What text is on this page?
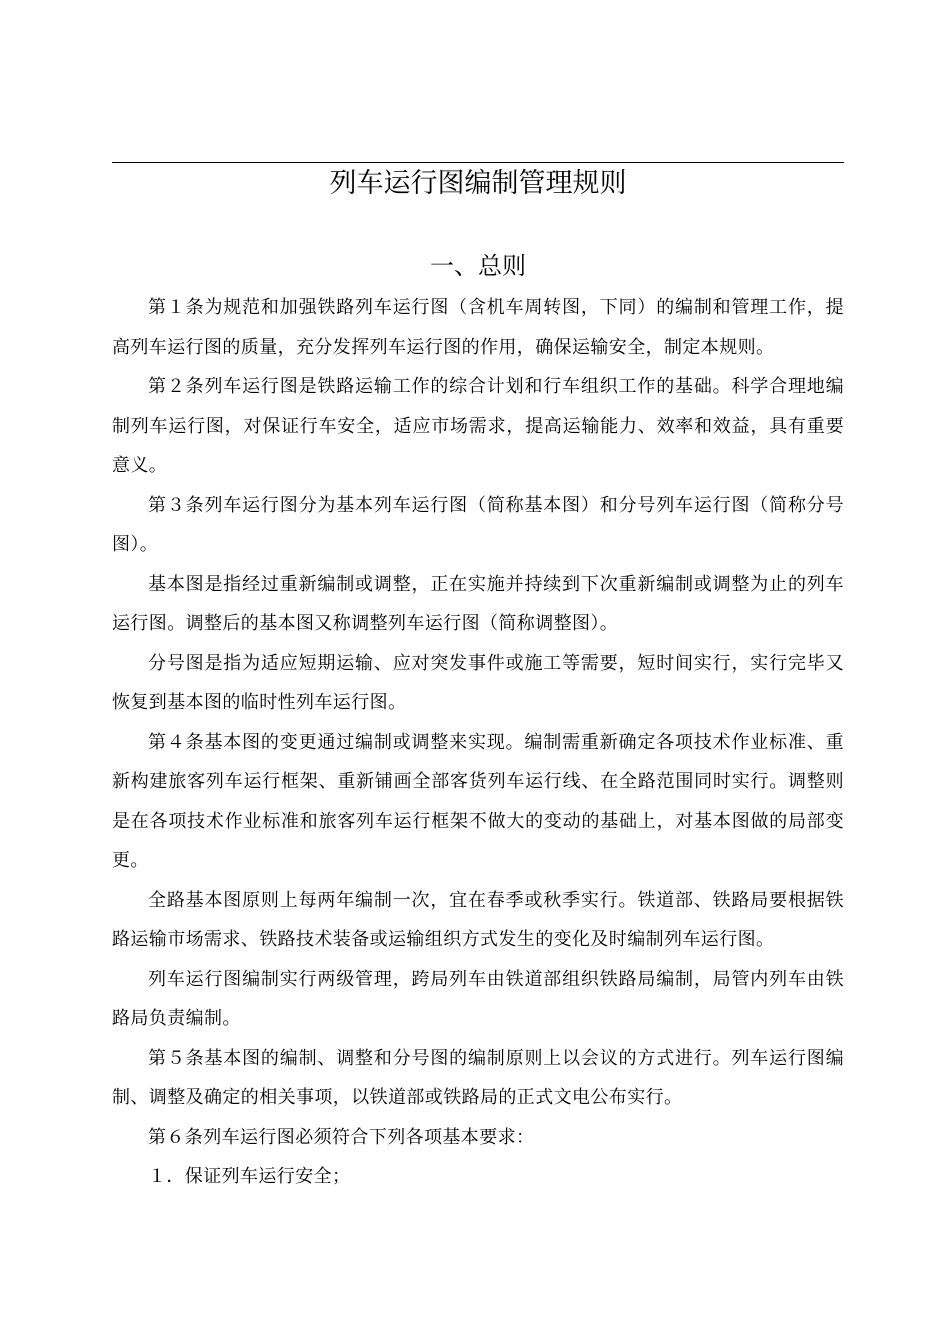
列车运行图编制管理规则
一、总则

第１条为规范和加强铁路列车运行图（含机车周转图，下同）的编制和管理工作，提高列车运行图的质量，充分发挥列车运行图的作用，确保运输安全，制定本规则。

第２条列车运行图是铁路运输工作的综合计划和行车组织工作的基础。科学合理地编制列车运行图，对保证行车安全，适应市场需求，提高运输能力、效率和效益，具有重要意义。

第３条列车运行图分为基本列车运行图（简称基本图）和分号列车运行图（简称分号图）。

基本图是指经过重新编制或调整，正在实施并持续到下次重新编制或调整为止的列车运行图。调整后的基本图又称调整列车运行图（简称调整图）。

分号图是指为适应短期运输、应对突发事件或施工等需要，短时间实行，实行完毕又恢复到基本图的临时性列车运行图。

第４条基本图的变更通过编制或调整来实现。编制需重新确定各项技术作业标准、重新构建旅客列车运行框架、重新铺画全部客货列车运行线、在全路范围同时实行。调整则是在各项技术作业标准和旅客列车运行框架不做大的变动的基础上，对基本图做的局部变更。

全路基本图原则上每两年编制一次，宜在春季或秋季实行。铁道部、铁路局要根据铁路运输市场需求、铁路技术装备或运输组织方式发生的变化及时编制列车运行图。

列车运行图编制实行两级管理，跨局列车由铁道部组织铁路局编制，局管内列车由铁路局负责编制。

第５条基本图的编制、调整和分号图的编制原则上以会议的方式进行。列车运行图编制、调整及确定的相关事项，以铁道部或铁路局的正式文电公布实行。

第６条列车运行图必须符合下列各项基本要求：

１．保证列车运行安全；
